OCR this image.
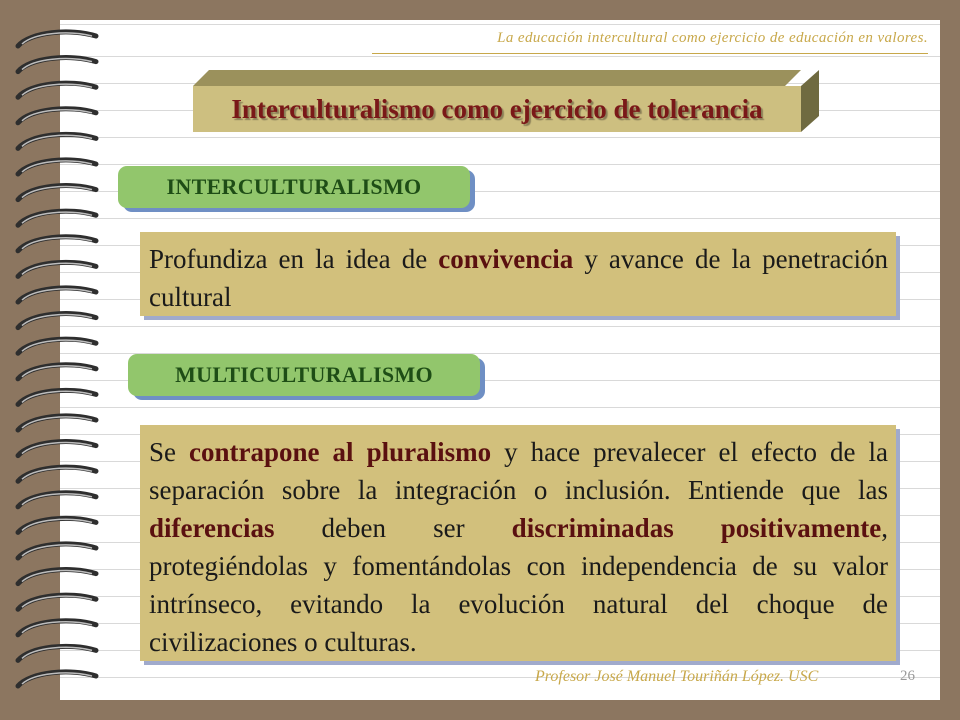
La educación intercultural como ejercicio de educación en valores.
Interculturalismo como ejercicio de tolerancia
INTERCULTURALISMO
Profundiza en la idea de convivencia y avance de la penetración cultural
MULTICULTURALISMO
Se contrapone al pluralismo y hace prevalecer el efecto de la separación sobre la integración o inclusión. Entiende que las diferencias deben ser discriminadas positivamente, protegiéndolas y fomentándolas con independencia de su valor intrínseco, evitando la evolución natural del choque de civilizaciones o culturas.
Profesor José Manuel Touriñán López. USC	26
